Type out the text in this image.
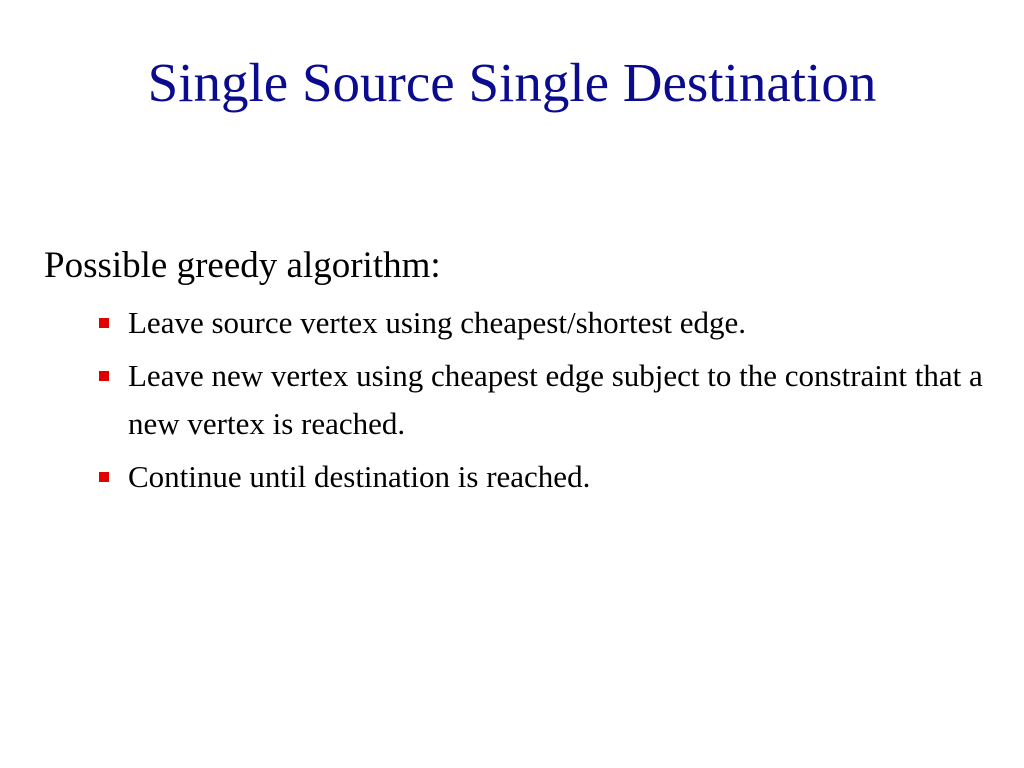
Single Source Single Destination
Possible greedy algorithm:
Leave source vertex using cheapest/shortest edge.
Leave new vertex using cheapest edge subject to the constraint that a new vertex is reached.
Continue until destination is reached.
